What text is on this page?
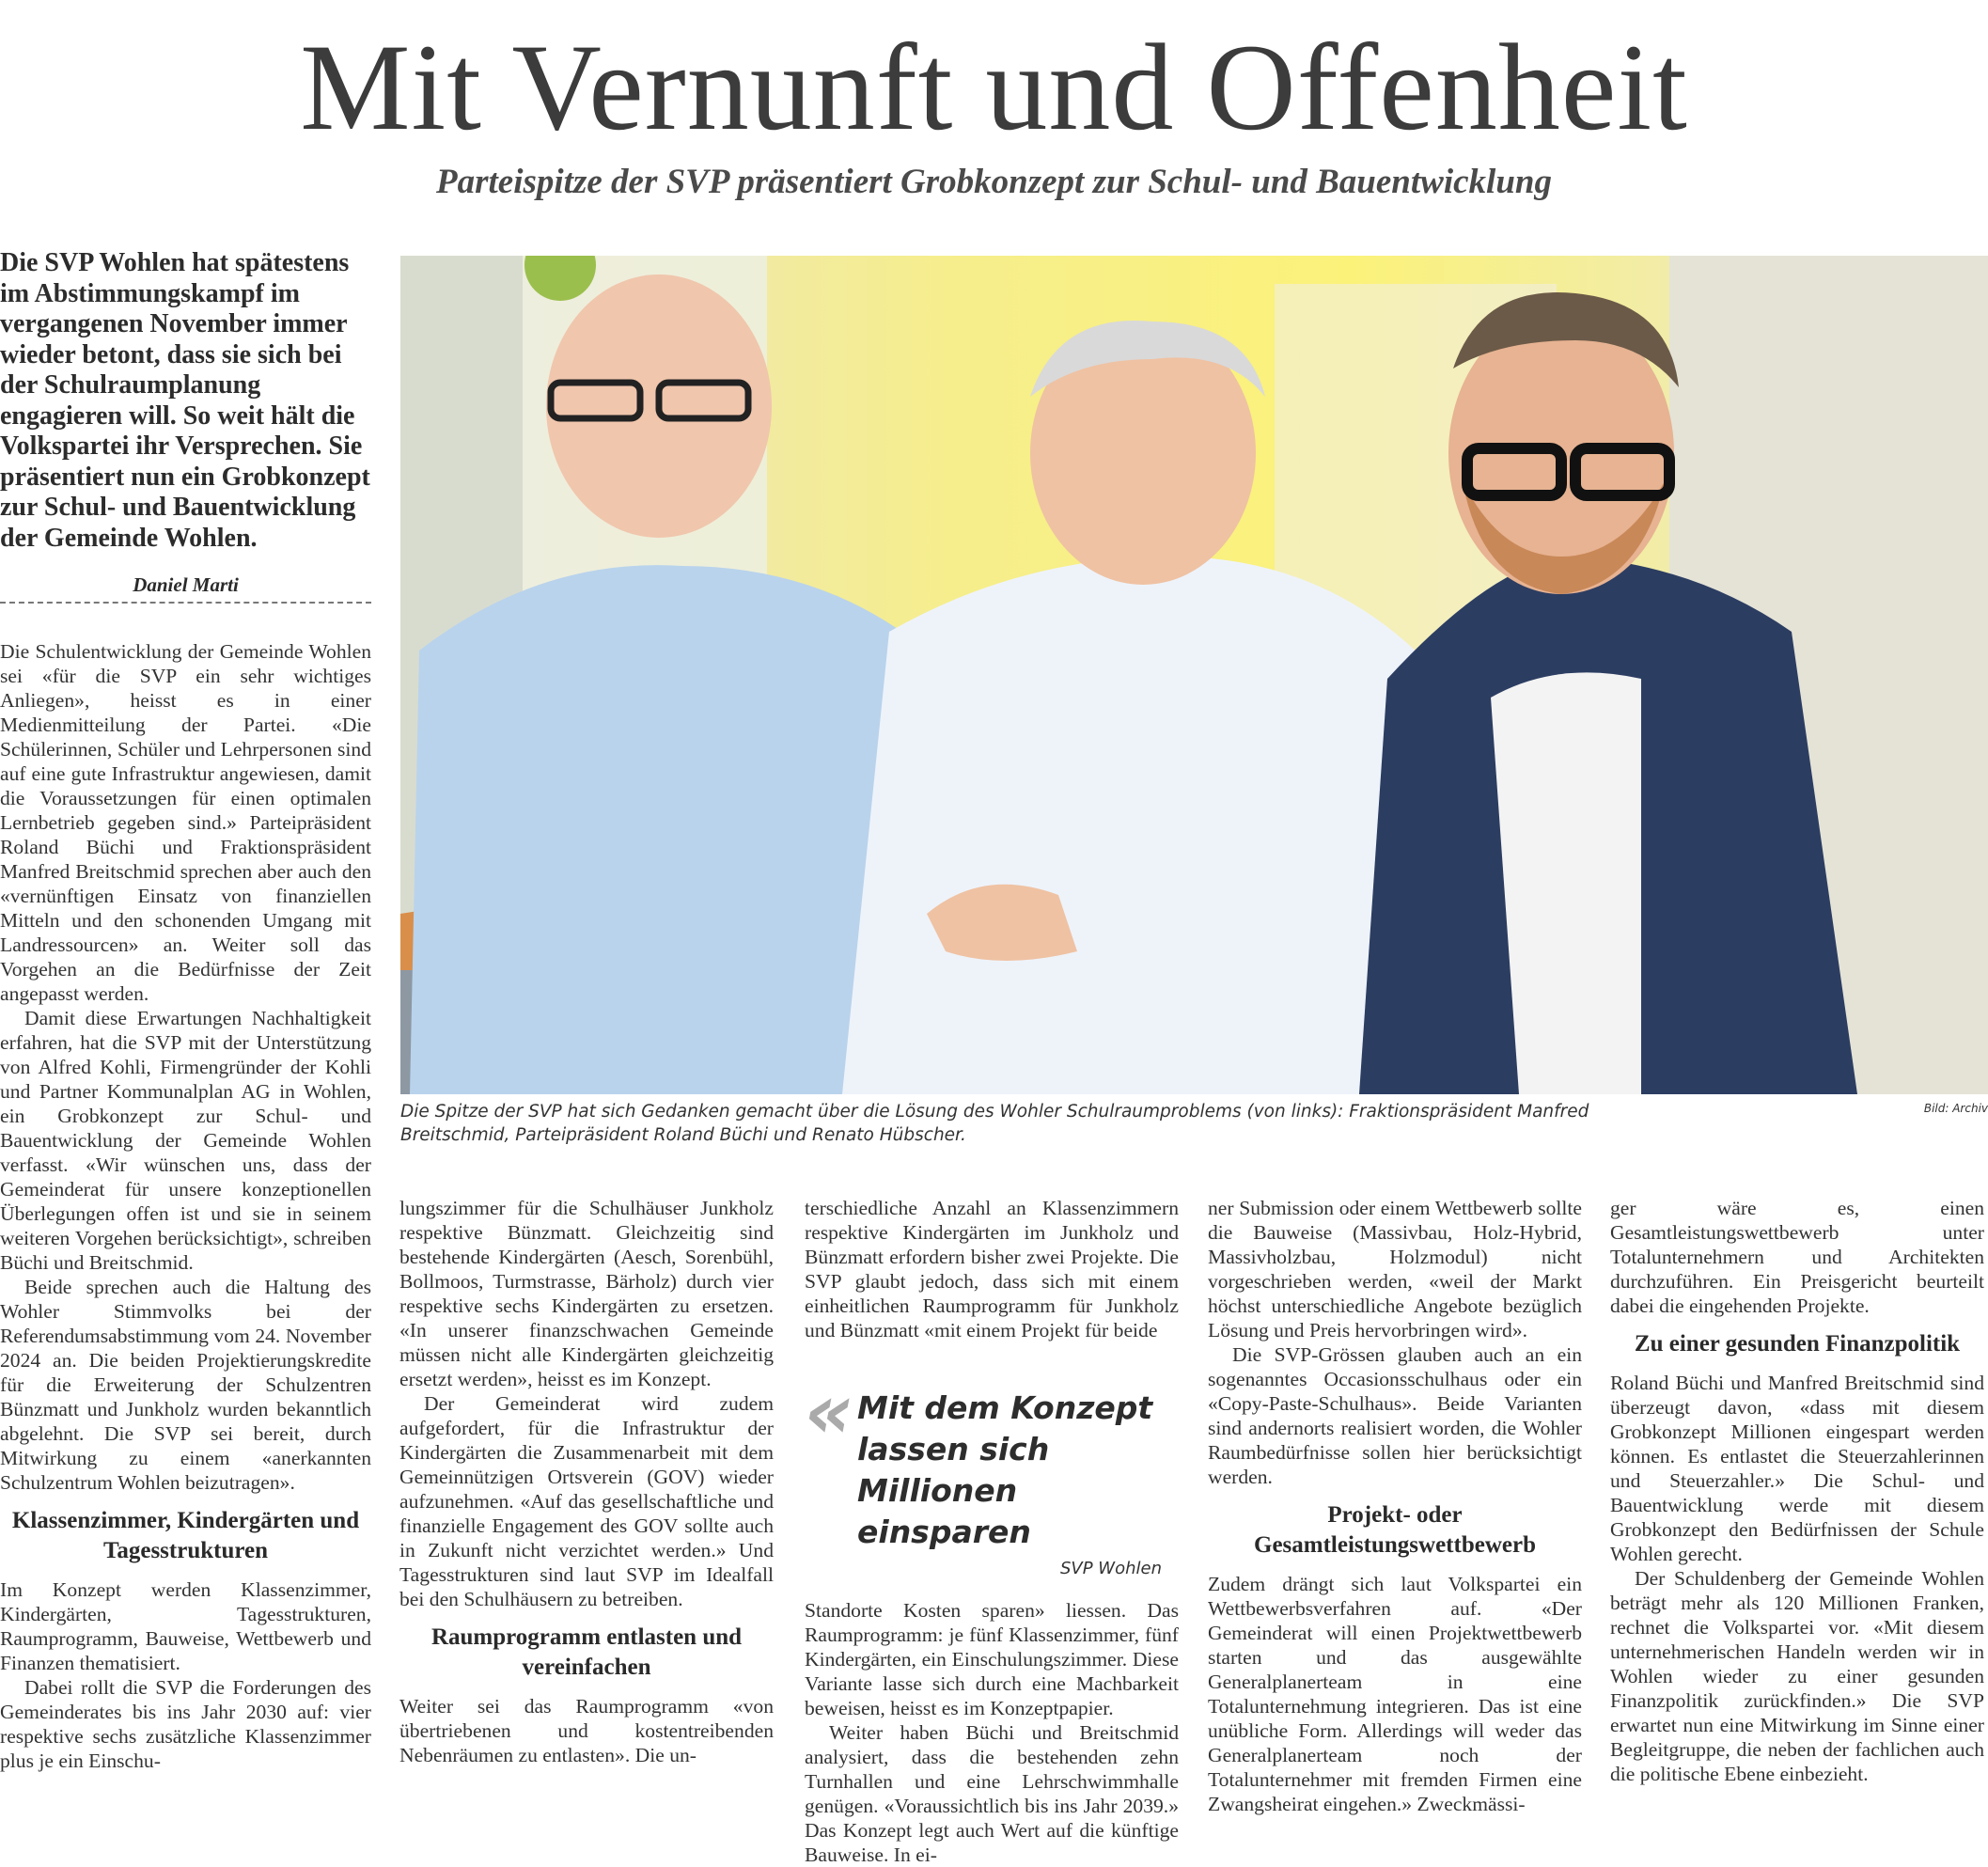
Mit Vernunft und Offenheit
Parteispitze der SVP präsentiert Grobkonzept zur Schul- und Bauentwicklung

Die SVP Wohlen hat spätestens im Abstimmungskampf im vergangenen November immer wieder betont, dass sie sich bei der Schulraumplanung engagieren will. So weit hält die Volkspartei ihr Versprechen. Sie präsentiert nun ein Grobkonzept zur Schul- und Bauentwicklung der Gemeinde Wohlen.

Daniel Marti
Die Spitze der SVP hat sich Gedanken gemacht über die Lösung des Wohler Schulraumproblems (von links): Fraktionspräsident Manfred Breitschmid, Parteipräsident Roland Büchi und Renato Hübscher.
Bild: Archiv

Die Schulentwicklung der Gemeinde Wohlen sei «für die SVP ein sehr wichtiges Anliegen», heisst es in einer Medienmitteilung der Partei. «Die Schülerinnen, Schüler und Lehrpersonen sind auf eine gute Infrastruktur angewiesen, damit die Voraussetzungen für einen optimalen Lernbetrieb gegeben sind.» Parteipräsident Roland Büchi und Fraktionspräsident Manfred Breitschmid sprechen aber auch den «vernünftigen Einsatz von finanziellen Mitteln und den schonenden Umgang mit Landressourcen» an. Weiter soll das Vorgehen an die Bedürfnisse der Zeit angepasst werden.

Damit diese Erwartungen Nachhaltigkeit erfahren, hat die SVP mit der Unterstützung von Alfred Kohli, Firmengründer der Kohli und Partner Kommunalplan AG in Wohlen, ein Grobkonzept zur Schul- und Bauentwicklung der Gemeinde Wohlen verfasst. «Wir wünschen uns, dass der Gemeinderat für unsere konzeptionellen Überlegungen offen ist und sie in seinem weiteren Vorgehen berücksichtigt», schreiben Büchi und Breitschmid.

Beide sprechen auch die Haltung des Wohler Stimmvolks bei der Referendumsabstimmung vom 24. November 2024 an. Die beiden Projektierungskredite für die Erweiterung der Schulzentren Bünzmatt und Junkholz wurden bekanntlich abgelehnt. Die SVP sei bereit, durch Mitwirkung zu einem «anerkannten Schulzentrum Wohlen beizutragen».

Klassenzimmer, Kindergärten und Tagesstrukturen

Im Konzept werden Klassenzimmer, Kindergärten, Tagesstrukturen, Raumprogramm, Bauweise, Wettbewerb und Finanzen thematisiert.

Dabei rollt die SVP die Forderungen des Gemeinderates bis ins Jahr 2030 auf: vier respektive sechs zusätzliche Klassenzimmer plus je ein Einschu-

lungszimmer für die Schulhäuser Junkholz respektive Bünzmatt. Gleichzeitig sind bestehende Kindergärten (Aesch, Sorenbühl, Bollmoos, Turmstrasse, Bärholz) durch vier respektive sechs Kindergärten zu ersetzen. «In unserer finanzschwachen Gemeinde müssen nicht alle Kindergärten gleichzeitig ersetzt werden», heisst es im Konzept.

Der Gemeinderat wird zudem aufgefordert, für die Infrastruktur der Kindergärten die Zusammenarbeit mit dem Gemeinnützigen Ortsverein (GOV) wieder aufzunehmen. «Auf das gesellschaftliche und finanzielle Engagement des GOV sollte auch in Zukunft nicht verzichtet werden.» Und Tagesstrukturen sind laut SVP im Idealfall bei den Schulhäusern zu betreiben.

Raumprogramm entlasten und vereinfachen

Weiter sei das Raumprogramm «von übertriebenen und kostentreibenden Nebenräumen zu entlasten». Die un-

terschiedliche Anzahl an Klassenzimmern respektive Kindergärten im Junkholz und Bünzmatt erfordern bisher zwei Projekte. Die SVP glaubt jedoch, dass sich mit einem einheitlichen Raumprogramm für Junkholz und Bünzmatt «mit einem Projekt für beide

« Mit dem Konzept lassen sich Millionen einsparen
SVP Wohlen

Standorte Kosten sparen» liessen. Das Raumprogramm: je fünf Klassenzimmer, fünf Kindergärten, ein Einschulungszimmer. Diese Variante lasse sich durch eine Machbarkeit beweisen, heisst es im Konzeptpapier.

Weiter haben Büchi und Breitschmid analysiert, dass die bestehenden zehn Turnhallen und eine Lehrschwimmhalle genügen. «Voraussichtlich bis ins Jahr 2039.» Das Konzept legt auch Wert auf die künftige Bauweise. In ei-

ner Submission oder einem Wettbewerb sollte die Bauweise (Massivbau, Holz-Hybrid, Massivholzbau, Holzmodul) nicht vorgeschrieben werden, «weil der Markt höchst unterschiedliche Angebote bezüglich Lösung und Preis hervorbringen wird».

Die SVP-Grössen glauben auch an ein sogenanntes Occasionsschulhaus oder ein «Copy-Paste-Schulhaus». Beide Varianten sind andernorts realisiert worden, die Wohler Raumbedürfnisse sollen hier berücksichtigt werden.

Projekt- oder Gesamtleistungswettbewerb

Zudem drängt sich laut Volkspartei ein Wettbewerbsverfahren auf. «Der Gemeinderat will einen Projektwettbewerb starten und das ausgewählte Generalplanerteam in eine Totalunternehmung integrieren. Das ist eine unübliche Form. Allerdings will weder das Generalplanerteam noch der Totalunternehmer mit fremden Firmen eine Zwangsheirat eingehen.» Zweckmässi-

ger wäre es, einen Gesamtleistungswettbewerb unter Totalunternehmern und Architekten durchzuführen. Ein Preisgericht beurteilt dabei die eingehenden Projekte.

Zu einer gesunden Finanzpolitik

Roland Büchi und Manfred Breitschmid sind überzeugt davon, «dass mit diesem Grobkonzept Millionen eingespart werden können. Es entlastet die Steuerzahlerinnen und Steuerzahler.» Die Schul- und Bauentwicklung werde mit diesem Grobkonzept den Bedürfnissen der Schule Wohlen gerecht.

Der Schuldenberg der Gemeinde Wohlen beträgt mehr als 120 Millionen Franken, rechnet die Volkspartei vor. «Mit diesem unternehmerischen Handeln werden wir in Wohlen wieder zu einer gesunden Finanzpolitik zurückfinden.» Die SVP erwartet nun eine Mitwirkung im Sinne einer Begleitgruppe, die neben der fachlichen auch die politische Ebene einbezieht.
